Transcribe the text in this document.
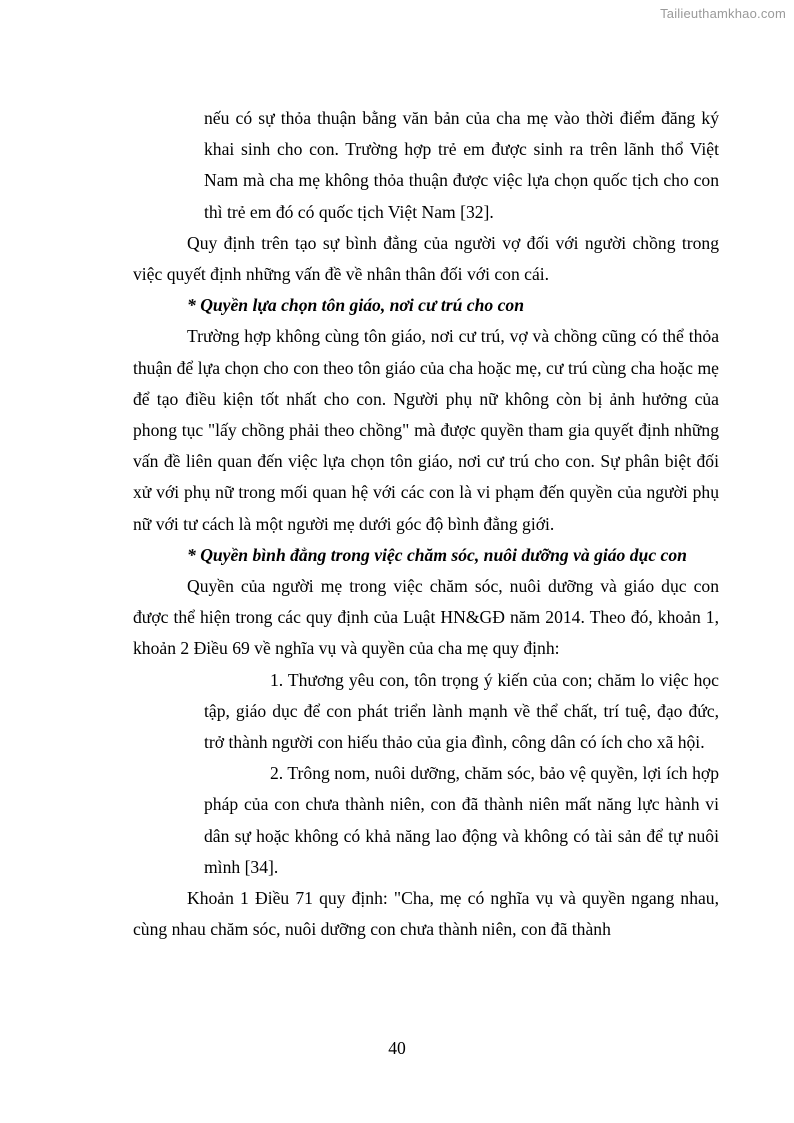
Tailieuthamkhao.com

nếu có sự thỏa thuận bằng văn bản của cha mẹ vào thời điểm đăng ký khai sinh cho con. Trường hợp trẻ em được sinh ra trên lãnh thổ Việt Nam mà cha mẹ không thỏa thuận được việc lựa chọn quốc tịch cho con thì trẻ em đó có quốc tịch Việt Nam [32].

Quy định trên tạo sự bình đẳng của người vợ đối với người chồng trong việc quyết định những vấn đề về nhân thân đối với con cái.

* Quyền lựa chọn tôn giáo, nơi cư trú cho con

Trường hợp không cùng tôn giáo, nơi cư trú, vợ và chồng cũng có thể thỏa thuận để lựa chọn cho con theo tôn giáo của cha hoặc mẹ, cư trú cùng cha hoặc mẹ để tạo điều kiện tốt nhất cho con. Người phụ nữ không còn bị ảnh hưởng của phong tục "lấy chồng phải theo chồng" mà được quyền tham gia quyết định những vấn đề liên quan đến việc lựa chọn tôn giáo, nơi cư trú cho con. Sự phân biệt đối xử với phụ nữ trong mối quan hệ với các con là vi phạm đến quyền của người phụ nữ với tư cách là một người mẹ dưới góc độ bình đẳng giới.

* Quyền bình đẳng trong việc chăm sóc, nuôi dưỡng và giáo dục con

Quyền của người mẹ trong việc chăm sóc, nuôi dưỡng và giáo dục con được thể hiện trong các quy định của Luật HN&GĐ năm 2014. Theo đó, khoản 1, khoản 2 Điều 69 về nghĩa vụ và quyền của cha mẹ quy định:

1. Thương yêu con, tôn trọng ý kiến của con; chăm lo việc học tập, giáo dục để con phát triển lành mạnh về thể chất, trí tuệ, đạo đức, trở thành người con hiếu thảo của gia đình, công dân có ích cho xã hội.

2. Trông nom, nuôi dưỡng, chăm sóc, bảo vệ quyền, lợi ích hợp pháp của con chưa thành niên, con đã thành niên mất năng lực hành vi dân sự hoặc không có khả năng lao động và không có tài sản để tự nuôi mình [34].

Khoản 1 Điều 71 quy định: "Cha, mẹ có nghĩa vụ và quyền ngang nhau, cùng nhau chăm sóc, nuôi dưỡng con chưa thành niên, con đã thành

40
